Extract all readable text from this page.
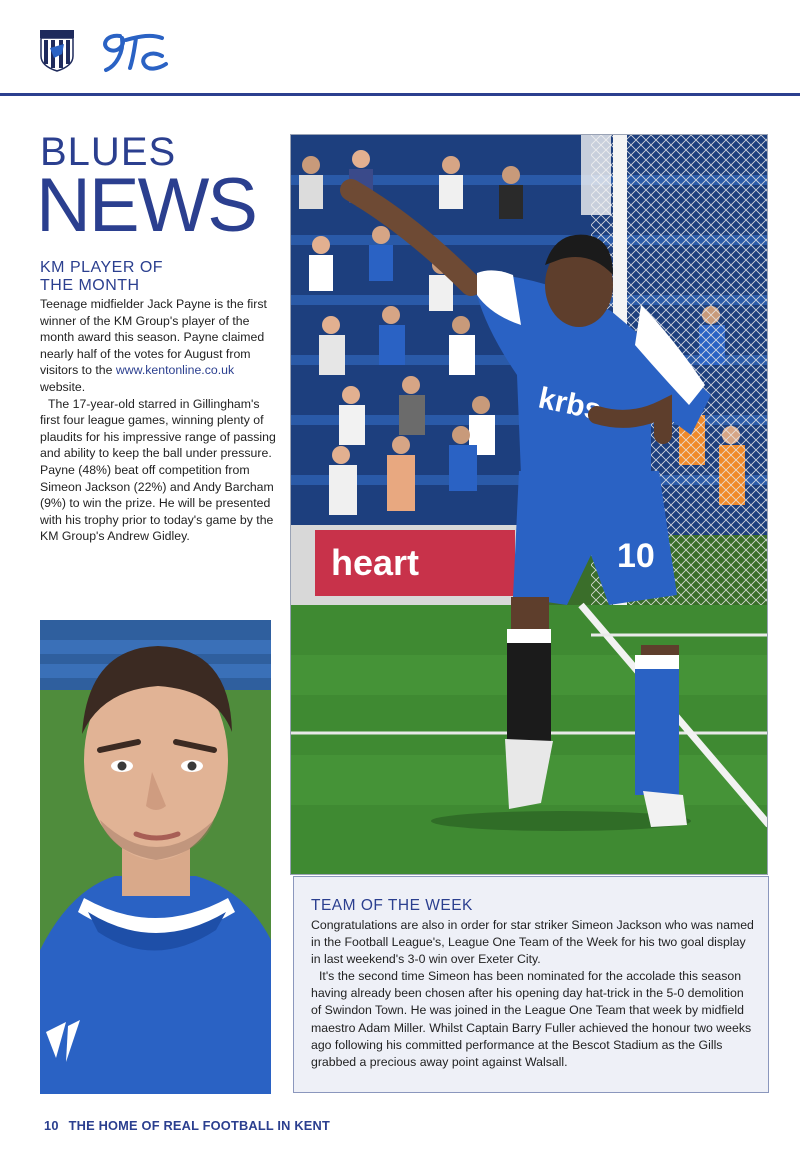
BLUES
NEWS
KM PLAYER OF
THE MONTH

Teenage midfielder Jack Payne is the first winner of the KM Group's player of the month award this season. Payne claimed nearly half of the votes for August from visitors to the www.kentonline.co.uk website.

The 17-year-old starred in Gillingham's first four league games, winning plenty of plaudits for his impressive range of passing and ability to keep the ball under pressure. Payne (48%) beat off competition from Simeon Jackson (22%) and Andy Barcham (9%) to win the prize. He will be presented with his trophy prior to today's game by the KM Group's Andrew Gidley.

heart
krbs
10
TEAM OF THE WEEK

Congratulations are also in order for star striker Simeon Jackson who was named in the Football League's, League One Team of the Week for his two goal display in last weekend's 3-0 win over Exeter City.

It's the second time Simeon has been nominated for the accolade this season having already been chosen after his opening day hat-trick in the 5-0 demolition of Swindon Town. He was joined in the League One Team that week by midfield maestro Adam Miller. Whilst Captain Barry Fuller achieved the honour two weeks ago following his committed performance at the Bescot Stadium as the Gills grabbed a precious away point against Walsall.

10 THE HOME OF REAL FOOTBALL IN KENT
